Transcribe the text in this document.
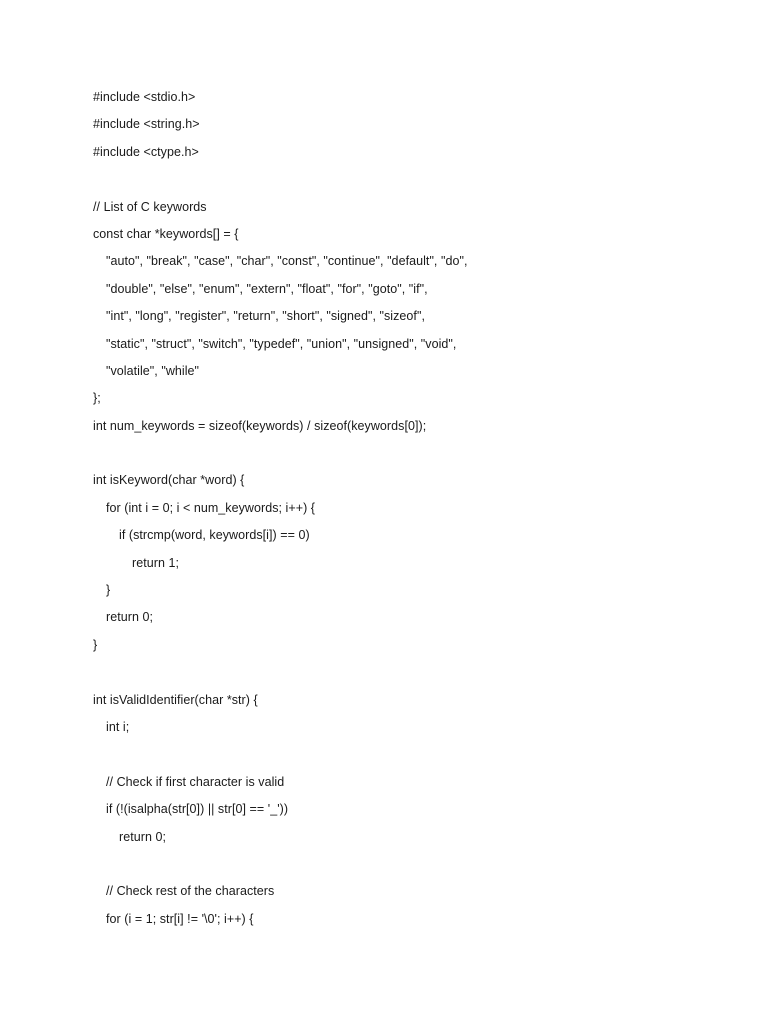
#include <stdio.h>
#include <string.h>
#include <ctype.h>
// List of C keywords
const char *keywords[] = {
"auto", "break", "case", "char", "const", "continue", "default", "do",
"double", "else", "enum", "extern", "float", "for", "goto", "if",
"int", "long", "register", "return", "short", "signed", "sizeof",
"static", "struct", "switch", "typedef", "union", "unsigned", "void",
"volatile", "while"
};
int num_keywords = sizeof(keywords) / sizeof(keywords[0]);
int isKeyword(char *word) {
for (int i = 0; i < num_keywords; i++) {
if (strcmp(word, keywords[i]) == 0)
return 1;
}
return 0;
}
int isValidIdentifier(char *str) {
int i;
// Check if first character is valid
if (!(isalpha(str[0]) || str[0] == '_'))
return 0;
// Check rest of the characters
for (i = 1; str[i] != '\0'; i++) {
